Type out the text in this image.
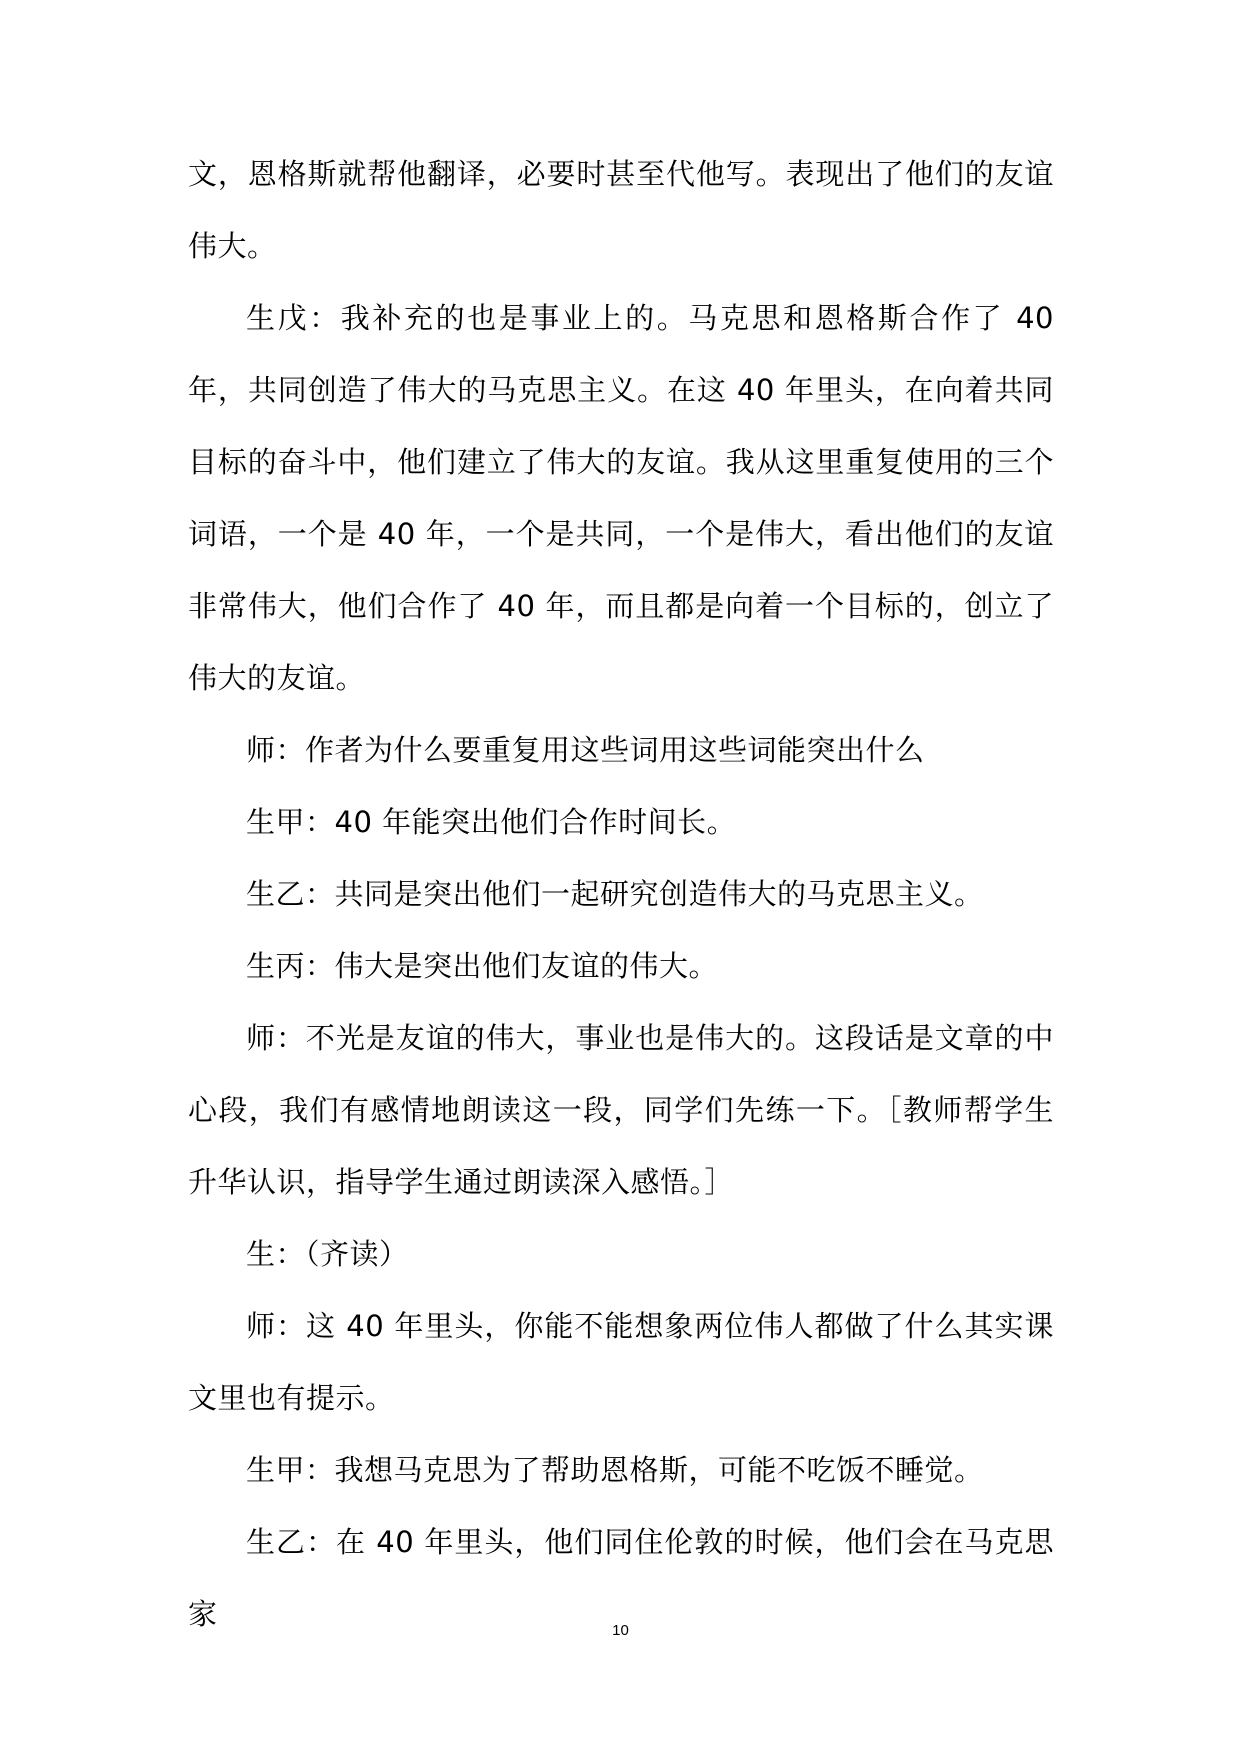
文，恩格斯就帮他翻译，必要时甚至代他写。表现出了他们的友谊伟大。

生戊：我补充的也是事业上的。马克思和恩格斯合作了 40 年，共同创造了伟大的马克思主义。在这 40 年里头，在向着共同目标的奋斗中，他们建立了伟大的友谊。我从这里重复使用的三个词语，一个是 40 年，一个是共同，一个是伟大，看出他们的友谊非常伟大，他们合作了 40 年，而且都是向着一个目标的，创立了伟大的友谊。

师：作者为什么要重复用这些词用这些词能突出什么

生甲：40 年能突出他们合作时间长。

生乙：共同是突出他们一起研究创造伟大的马克思主义。

生丙：伟大是突出他们友谊的伟大。

师：不光是友谊的伟大，事业也是伟大的。这段话是文章的中心段，我们有感情地朗读这一段，同学们先练一下。［教师帮学生升华认识，指导学生通过朗读深入感悟。］

生：（齐读）

师：这 40 年里头，你能不能想象两位伟人都做了什么其实课文里也有提示。

生甲：我想马克思为了帮助恩格斯，可能不吃饭不睡觉。

生乙：在 40 年里头，他们同住伦敦的时候，他们会在马克思家	10
